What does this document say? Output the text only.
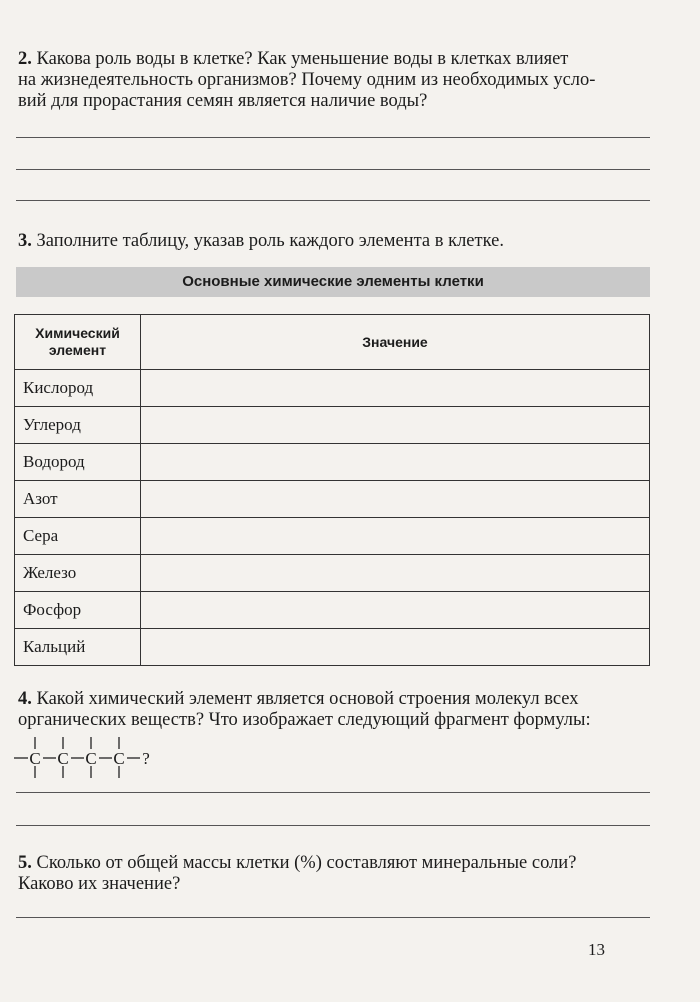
2. Какова роль воды в клетке? Как уменьшение воды в клетках влияет
на жизнедеятельность организмов? Почему одним из необходимых усло-
вий для прорастания семян является наличие воды?
3. Заполните таблицу, указав роль каждого элемента в клетке.
Основные химические элементы клетки
Химический элемент	Значение
Кислород	
Углерод	
Водород	
Азот	
Сера	
Железо	
Фосфор	
Кальций	
4. Какой химический элемент является основой строения молекул всех
органических веществ? Что изображает следующий фрагмент формулы:
C C C C ?
5. Сколько от общей массы клетки (%) составляют минеральные соли?
Каково их значение?
13
